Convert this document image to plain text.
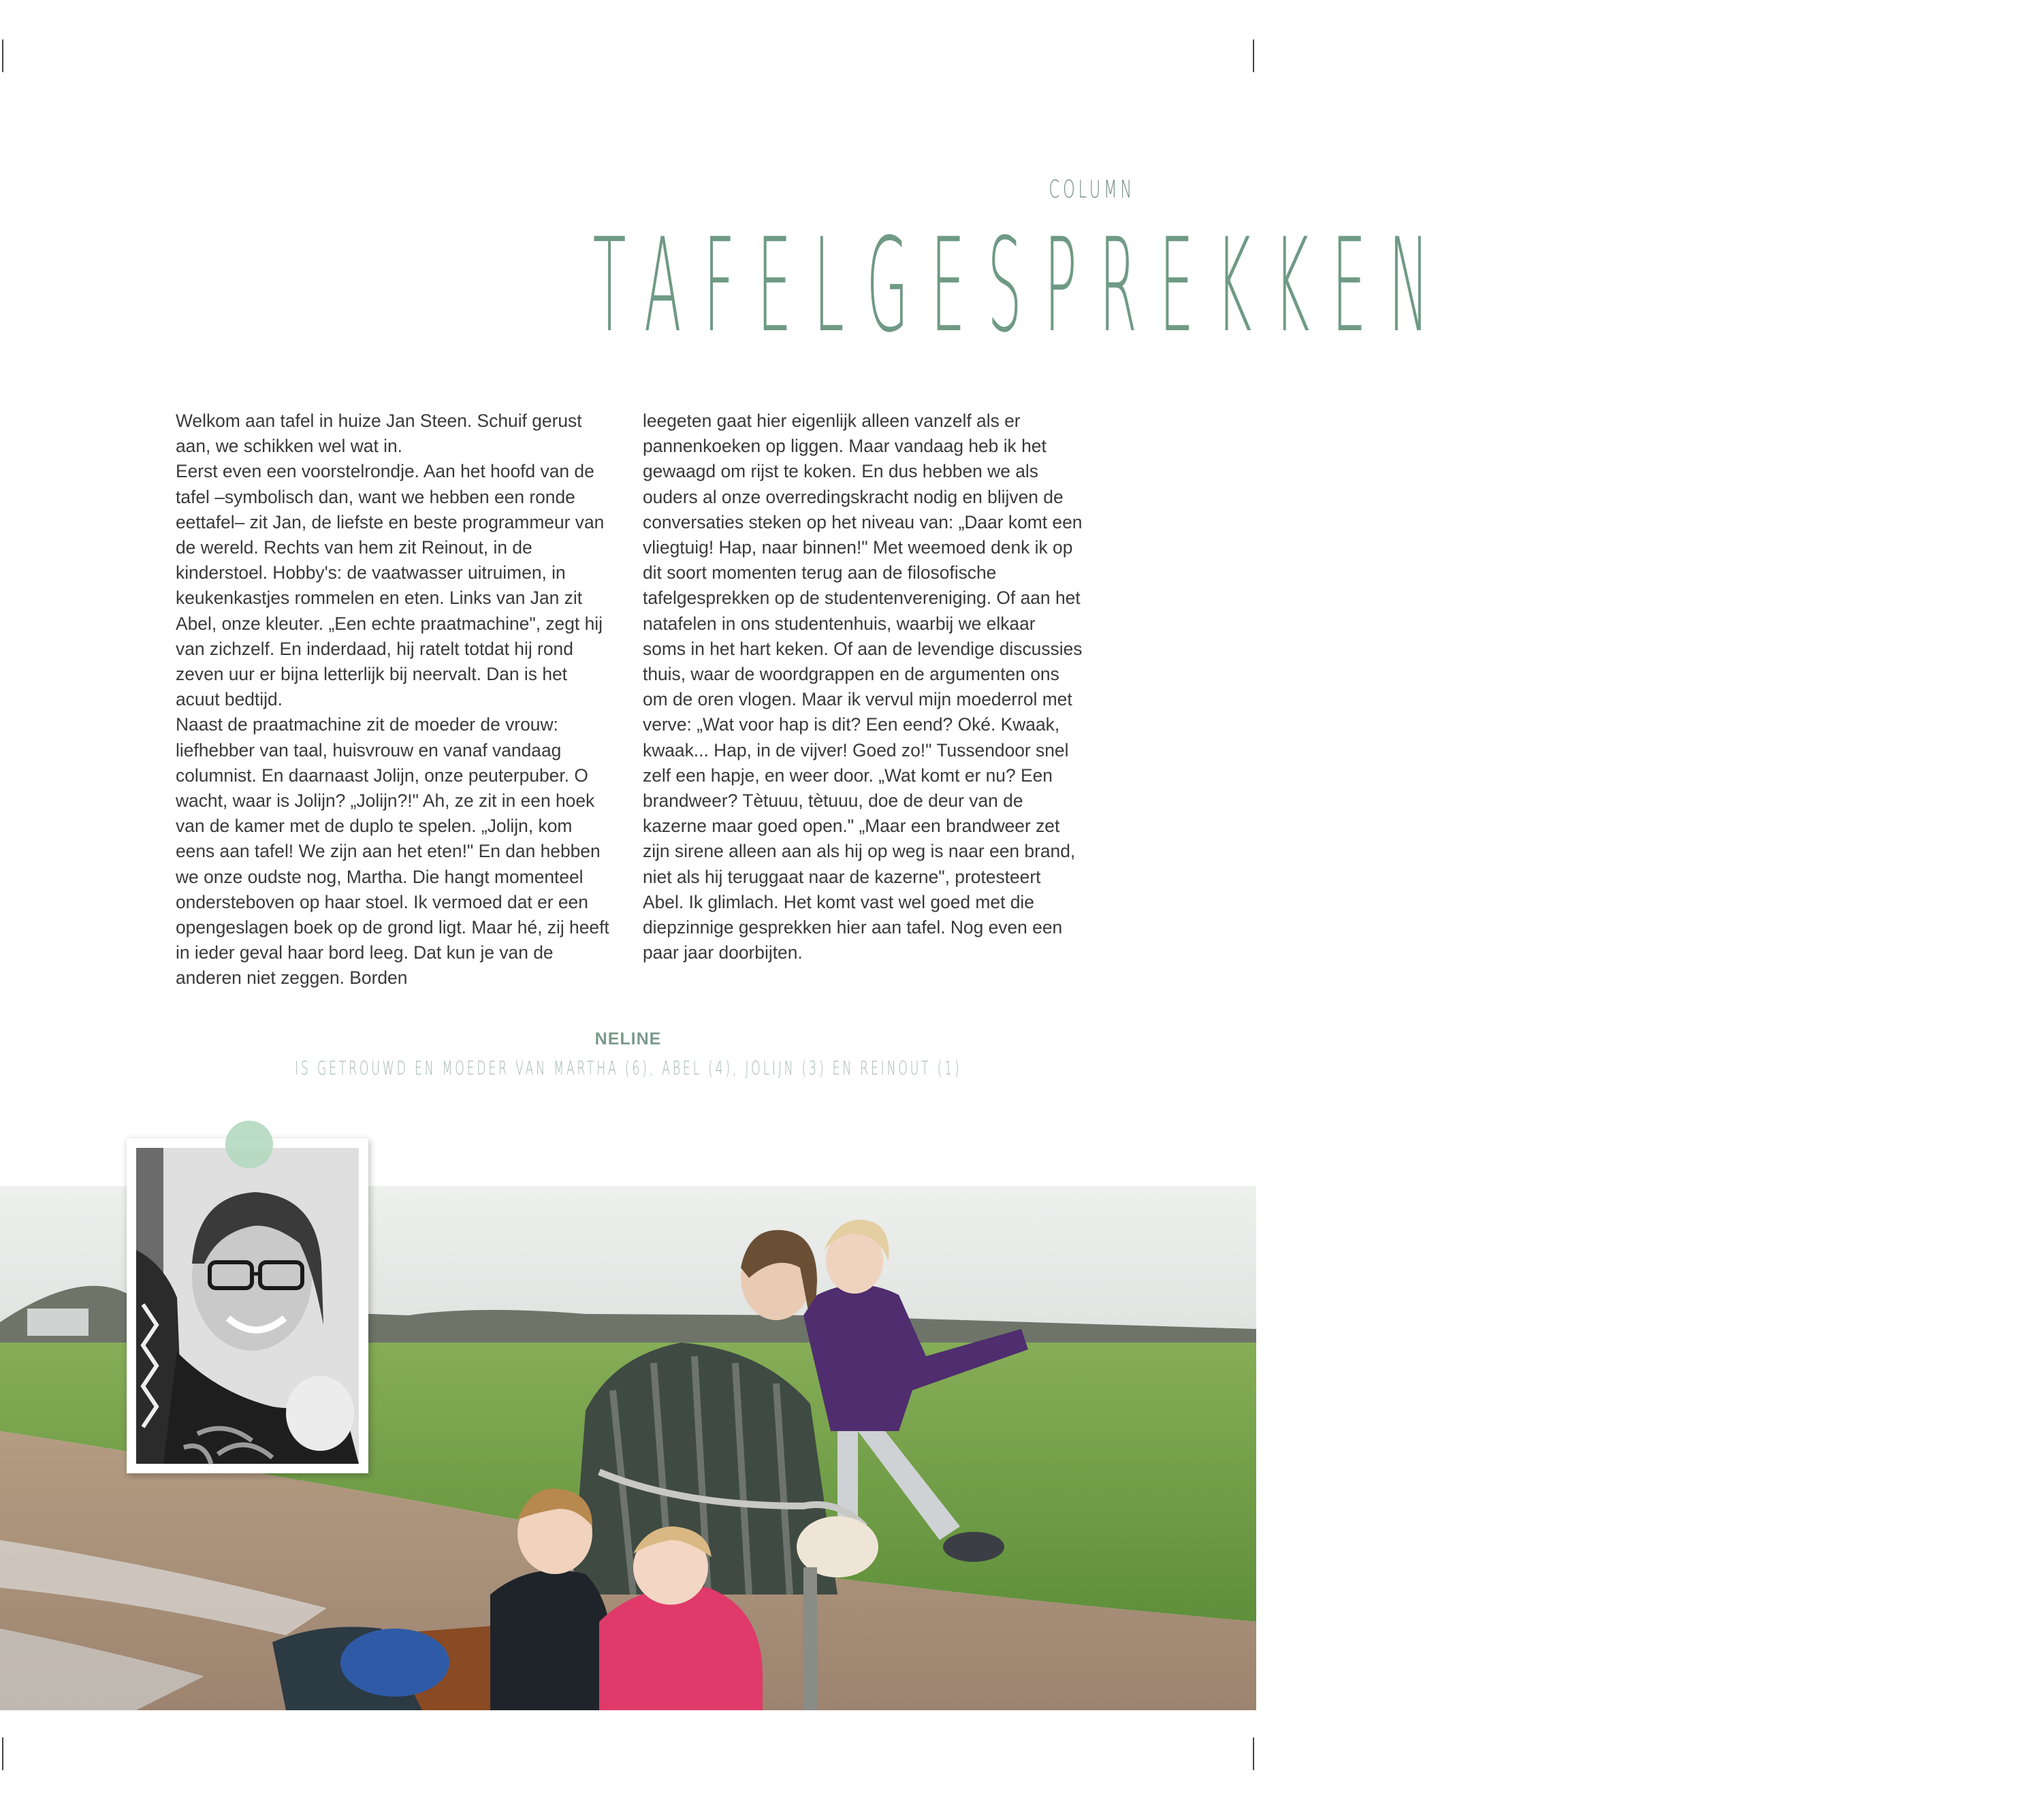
COLUMN
TAFELGESPREKKEN

Welkom aan tafel in huize Jan Steen. Schuif gerust aan, we schikken wel wat in.

Eerst even een voorstelrondje. Aan het hoofd van de tafel –symbolisch dan, want we hebben een ronde eettafel– zit Jan, de liefste en beste programmeur van de wereld. Rechts van hem zit Reinout, in de kinderstoel. Hobby's: de vaatwasser uitruimen, in keukenkastjes rommelen en eten. Links van Jan zit Abel, onze kleuter. „Een echte praatmachine", zegt hij van zichzelf. En inderdaad, hij ratelt totdat hij rond zeven uur er bijna letterlijk bij neervalt. Dan is het acuut bedtijd.

Naast de praatmachine zit de moeder de vrouw: liefhebber van taal, huisvrouw en vanaf vandaag columnist. En daarnaast Jolijn, onze peuterpuber. O wacht, waar is Jolijn? „Jolijn?!" Ah, ze zit in een hoek van de kamer met de duplo te spelen. „Jolijn, kom eens aan tafel! We zijn aan het eten!" En dan hebben we onze oudste nog, Martha. Die hangt momenteel ondersteboven op haar stoel. Ik vermoed dat er een opengeslagen boek op de grond ligt. Maar hé, zij heeft in ieder geval haar bord leeg. Dat kun je van de anderen niet zeggen. Borden

leegeten gaat hier eigenlijk alleen vanzelf als er pannenkoeken op liggen. Maar vandaag heb ik het gewaagd om rijst te koken. En dus hebben we als ouders al onze overredingskracht nodig en blijven de conversaties steken op het niveau van: „Daar komt een vliegtuig! Hap, naar binnen!" Met weemoed denk ik op dit soort momenten terug aan de filosofische tafelgesprekken op de studentenvereniging. Of aan het natafelen in ons studentenhuis, waarbij we elkaar soms in het hart keken. Of aan de levendige discussies thuis, waar de woordgrappen en de argumenten ons om de oren vlogen. Maar ik vervul mijn moederrol met verve: „Wat voor hap is dit? Een eend? Oké. Kwaak, kwaak... Hap, in de vijver! Goed zo!" Tussendoor snel zelf een hapje, en weer door. „Wat komt er nu? Een brandweer? Tètuuu, tètuuu, doe de deur van de kazerne maar goed open." „Maar een brandweer zet zijn sirene alleen aan als hij op weg is naar een brand, niet als hij teruggaat naar de kazerne", protesteert Abel. Ik glimlach. Het komt vast wel goed met die diepzinnige gesprekken hier aan tafel. Nog even een paar jaar doorbijten.

NELINE
IS GETROUWD EN MOEDER VAN MARTHA (6), ABEL (4), JOLIJN (3) EN REINOUT (1)
